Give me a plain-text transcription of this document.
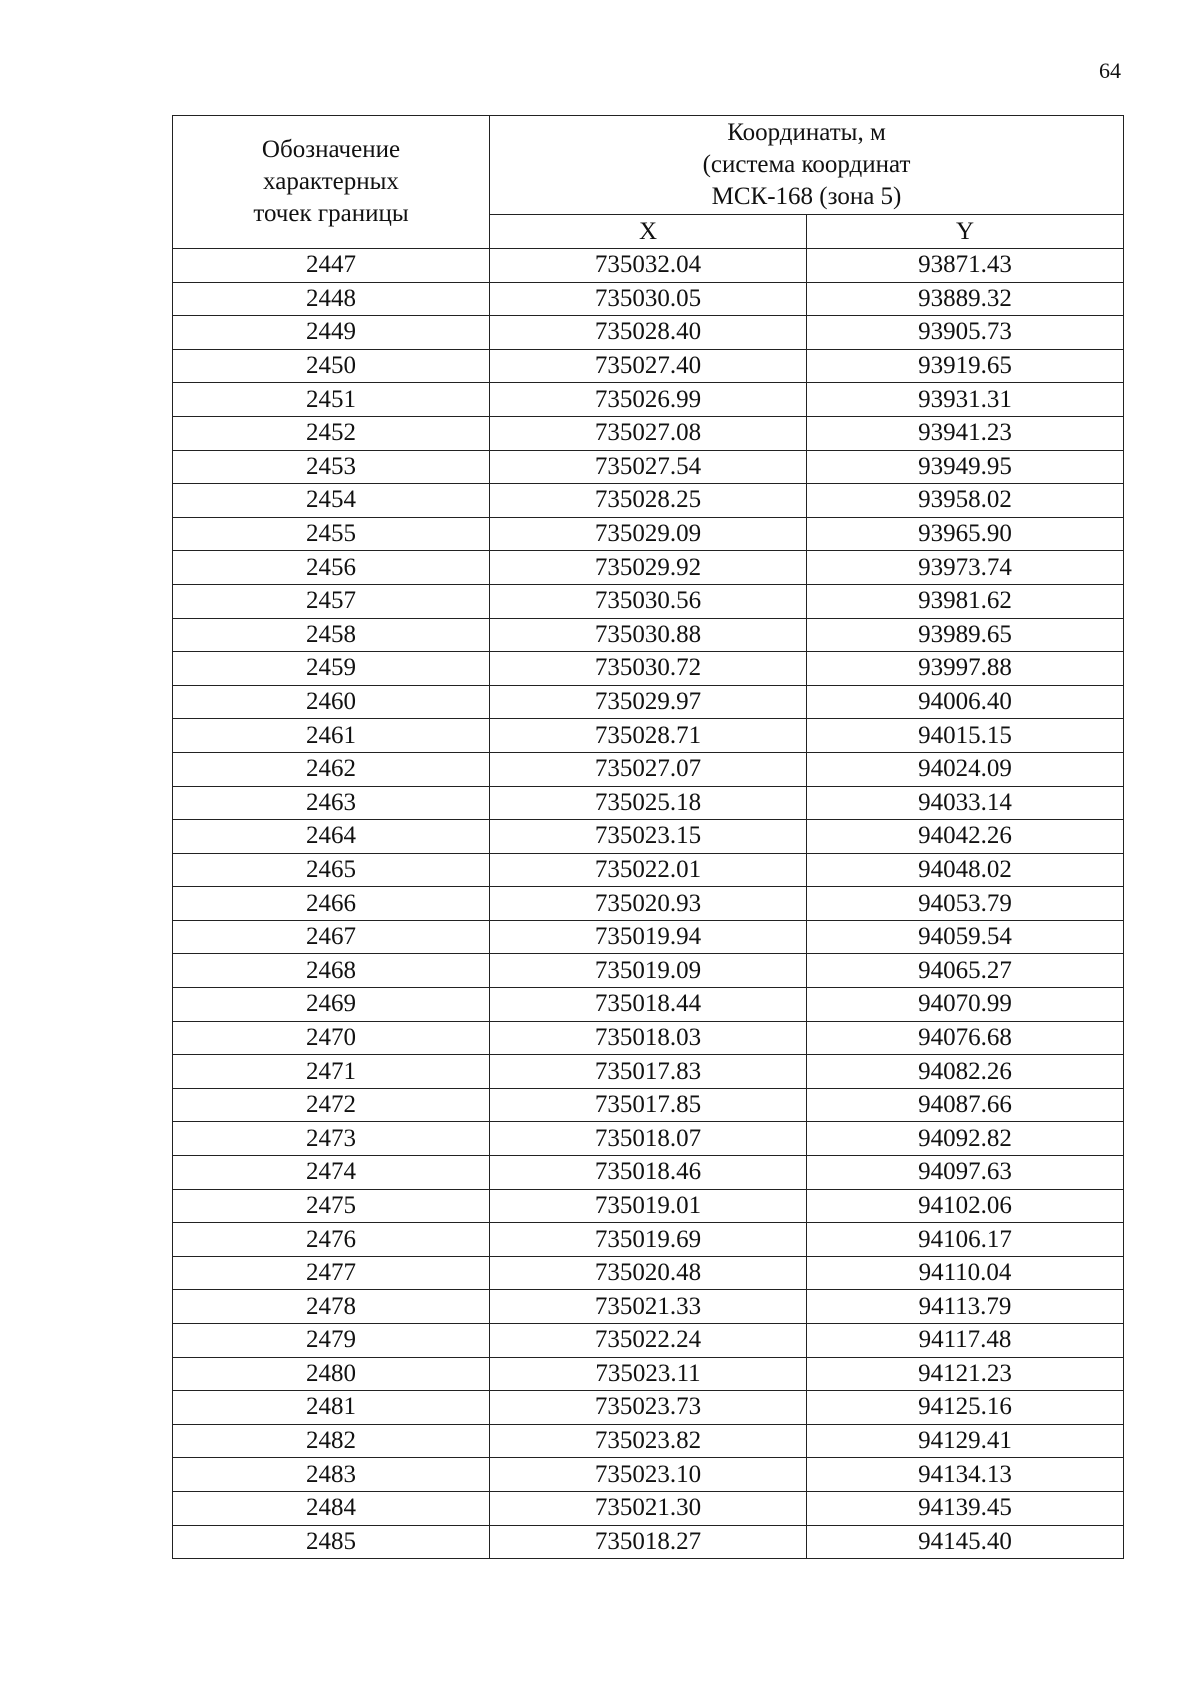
64
Обозначение
характерных
точек границы	Координаты, м
(система координат
МСК-168 (зона 5)	

	X	Y
2447	735032.04	93871.43
2448	735030.05	93889.32
2449	735028.40	93905.73
2450	735027.40	93919.65
2451	735026.99	93931.31
2452	735027.08	93941.23
2453	735027.54	93949.95
2454	735028.25	93958.02
2455	735029.09	93965.90
2456	735029.92	93973.74
2457	735030.56	93981.62
2458	735030.88	93989.65
2459	735030.72	93997.88
2460	735029.97	94006.40
2461	735028.71	94015.15
2462	735027.07	94024.09
2463	735025.18	94033.14
2464	735023.15	94042.26
2465	735022.01	94048.02
2466	735020.93	94053.79
2467	735019.94	94059.54
2468	735019.09	94065.27
2469	735018.44	94070.99
2470	735018.03	94076.68
2471	735017.83	94082.26
2472	735017.85	94087.66
2473	735018.07	94092.82
2474	735018.46	94097.63
2475	735019.01	94102.06
2476	735019.69	94106.17
2477	735020.48	94110.04
2478	735021.33	94113.79
2479	735022.24	94117.48
2480	735023.11	94121.23
2481	735023.73	94125.16
2482	735023.82	94129.41
2483	735023.10	94134.13
2484	735021.30	94139.45
2485	735018.27	94145.40
